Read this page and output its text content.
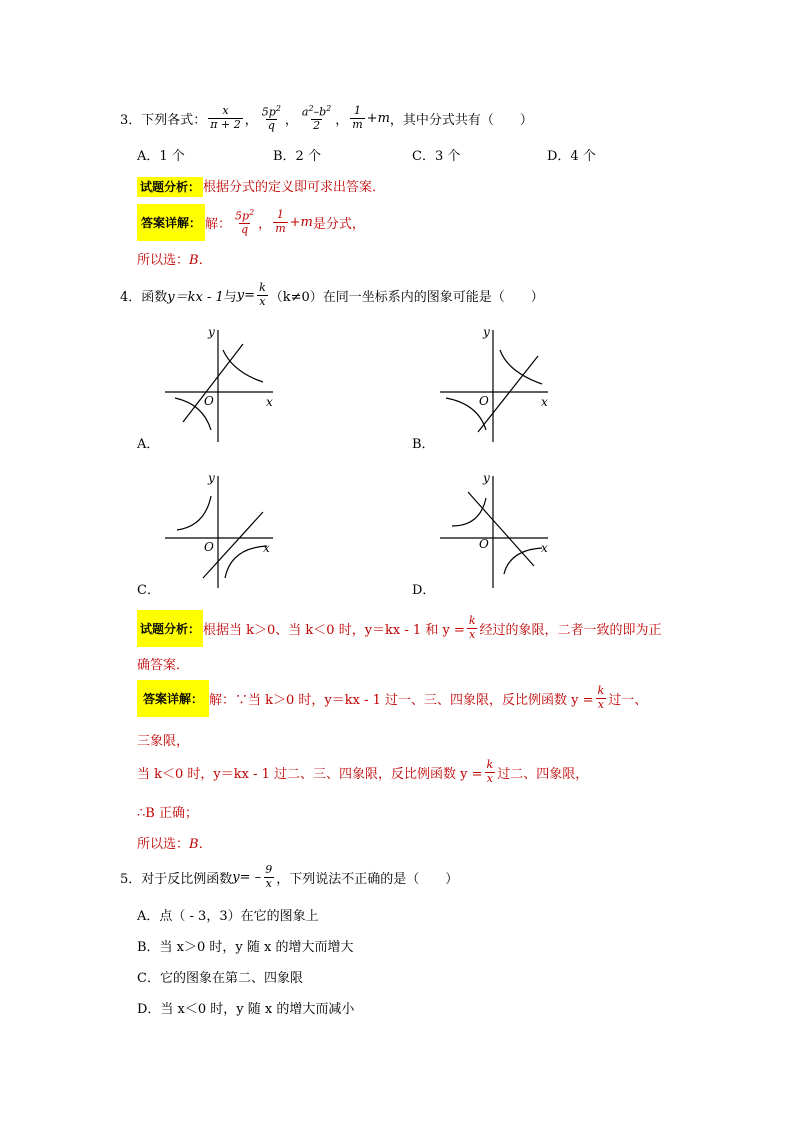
3． 下列各式： $\frac{x}{\pi + 2}$ ， $\frac{5p^2}{q}$ ， $\frac{a^2-b^2}{2}$ ， $\frac{1}{m} +m$ ，其中分式共有（　　）
A．1 个	B．2 个	C．3 个	D．4 个
试题分析： 根据分式的定义即可求出答案．
答案详解： 解： $\frac{5p^2}{q}$ ， $\frac{1}{m} +m$ 是分式，
所以选：B．
4． 函数 y＝kx - 1 与 $y = \frac{k}{x} (k\ne 0)$在同一坐标系内的图象可能是（　　）
y
x
O
A．
y
x
O
B．
y
x
O
C．
y
x
O
D．
试题分析： 根据当 k＞0、当 k＜0 时，y＝kx - 1 和 $y = \frac{k}{x}$ 经过的象限，二者一致的即为正
确答案．
答案详解： 解：∵当 k＞0 时，y＝kx - 1 过一、三、四象限，反比例函数 $y = \frac{k}{x}$ 过一、
三象限，
当 k＜0 时，y＝kx - 1 过二、三、四象限，反比例函数 $y = \frac{k}{x}$ 过二、四象限，
∴B 正确；
所以选：B．
5． 对于反比例函数 y = – $\frac{9}{x}$ ，下列说法不正确的是（　　）
A．点（ - 3，3）在它的图象上
B．当 x＞0 时，y 随 x 的增大而增大
C．它的图象在第二、四象限
D．当 x＜0 时，y 随 x 的增大而减小
